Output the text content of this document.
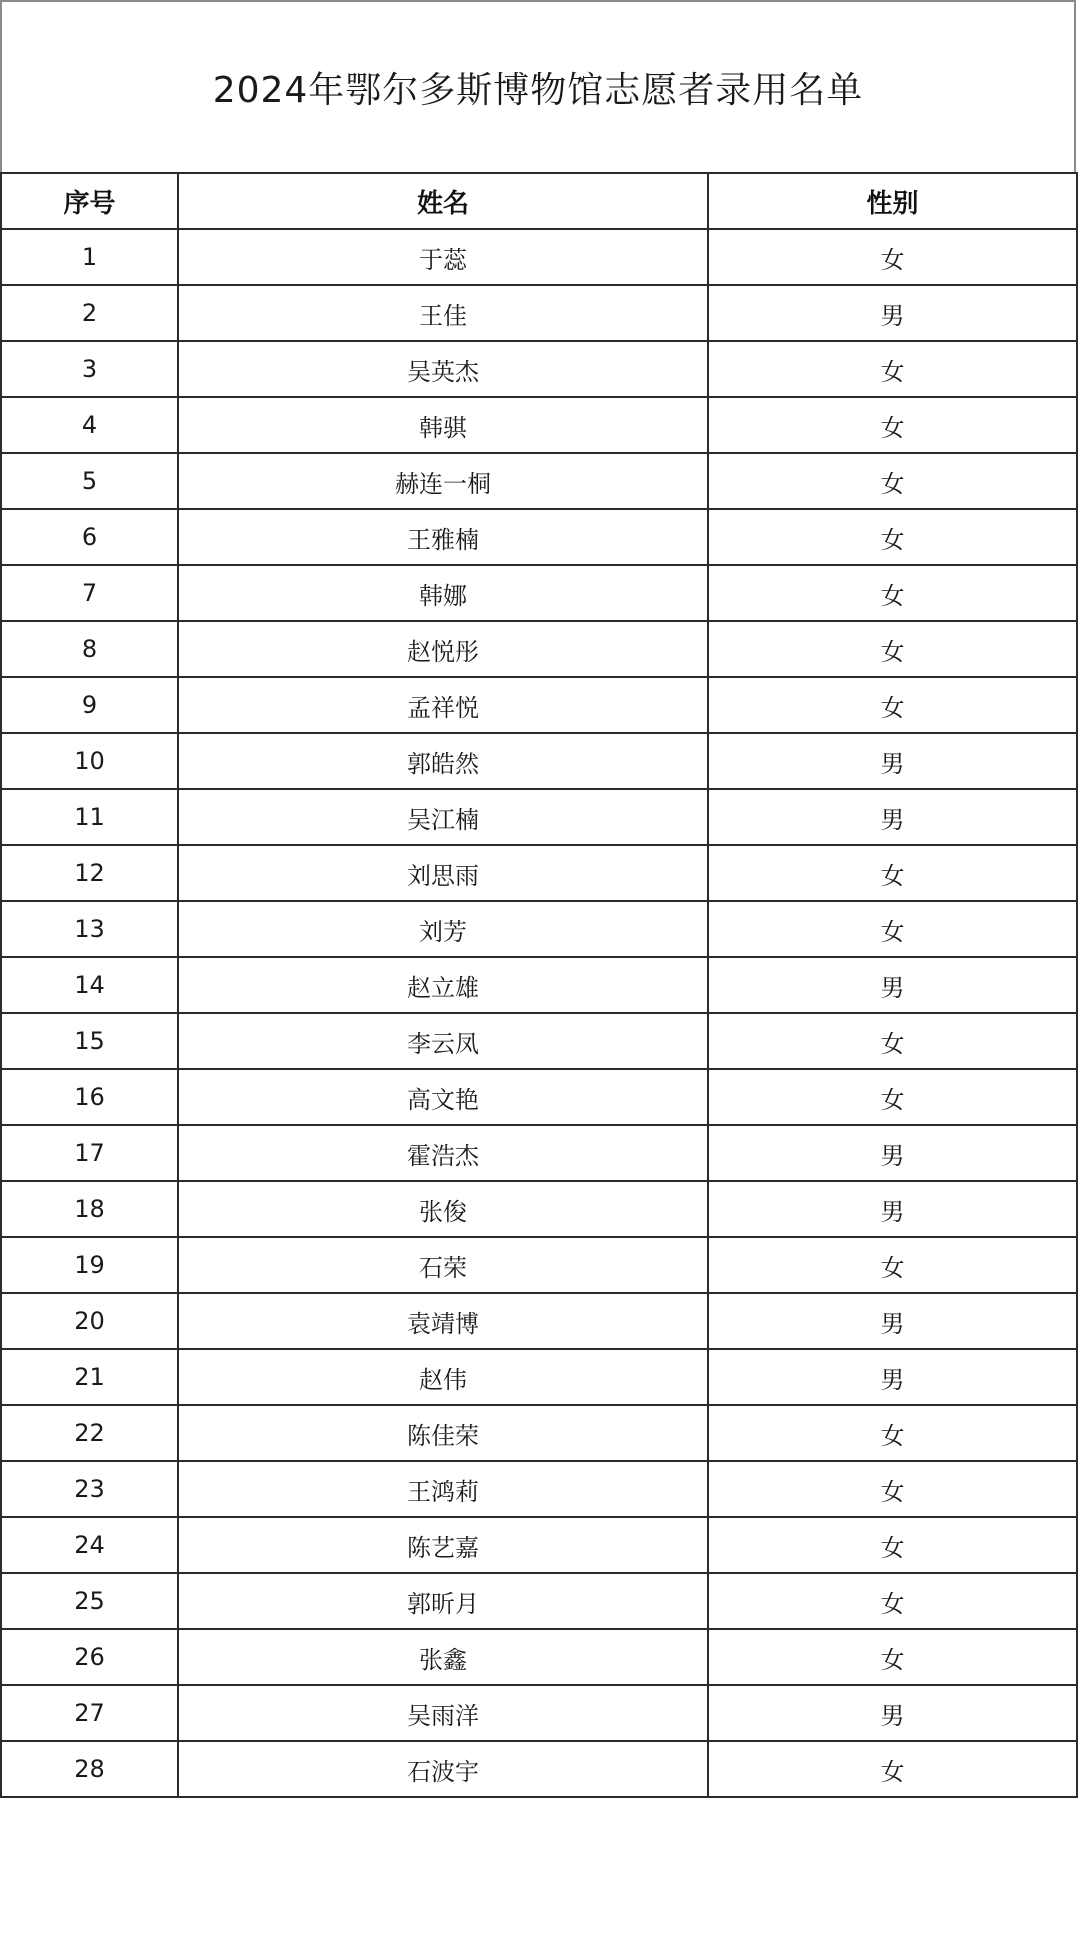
2024年鄂尔多斯博物馆志愿者录用名单
序号	姓名	性别
1	于蕊	女
2	王佳	男
3	吴英杰	女
4	韩骐	女
5	赫连一桐	女
6	王雅楠	女
7	韩娜	女
8	赵悦彤	女
9	孟祥悦	女
10	郭皓然	男
11	吴江楠	男
12	刘思雨	女
13	刘芳	女
14	赵立雄	男
15	李云凤	女
16	高文艳	女
17	霍浩杰	男
18	张俊	男
19	石荣	女
20	袁靖博	男
21	赵伟	男
22	陈佳荣	女
23	王鸿莉	女
24	陈艺嘉	女
25	郭昕月	女
26	张鑫	女
27	吴雨洋	男
28	石波宇	女
